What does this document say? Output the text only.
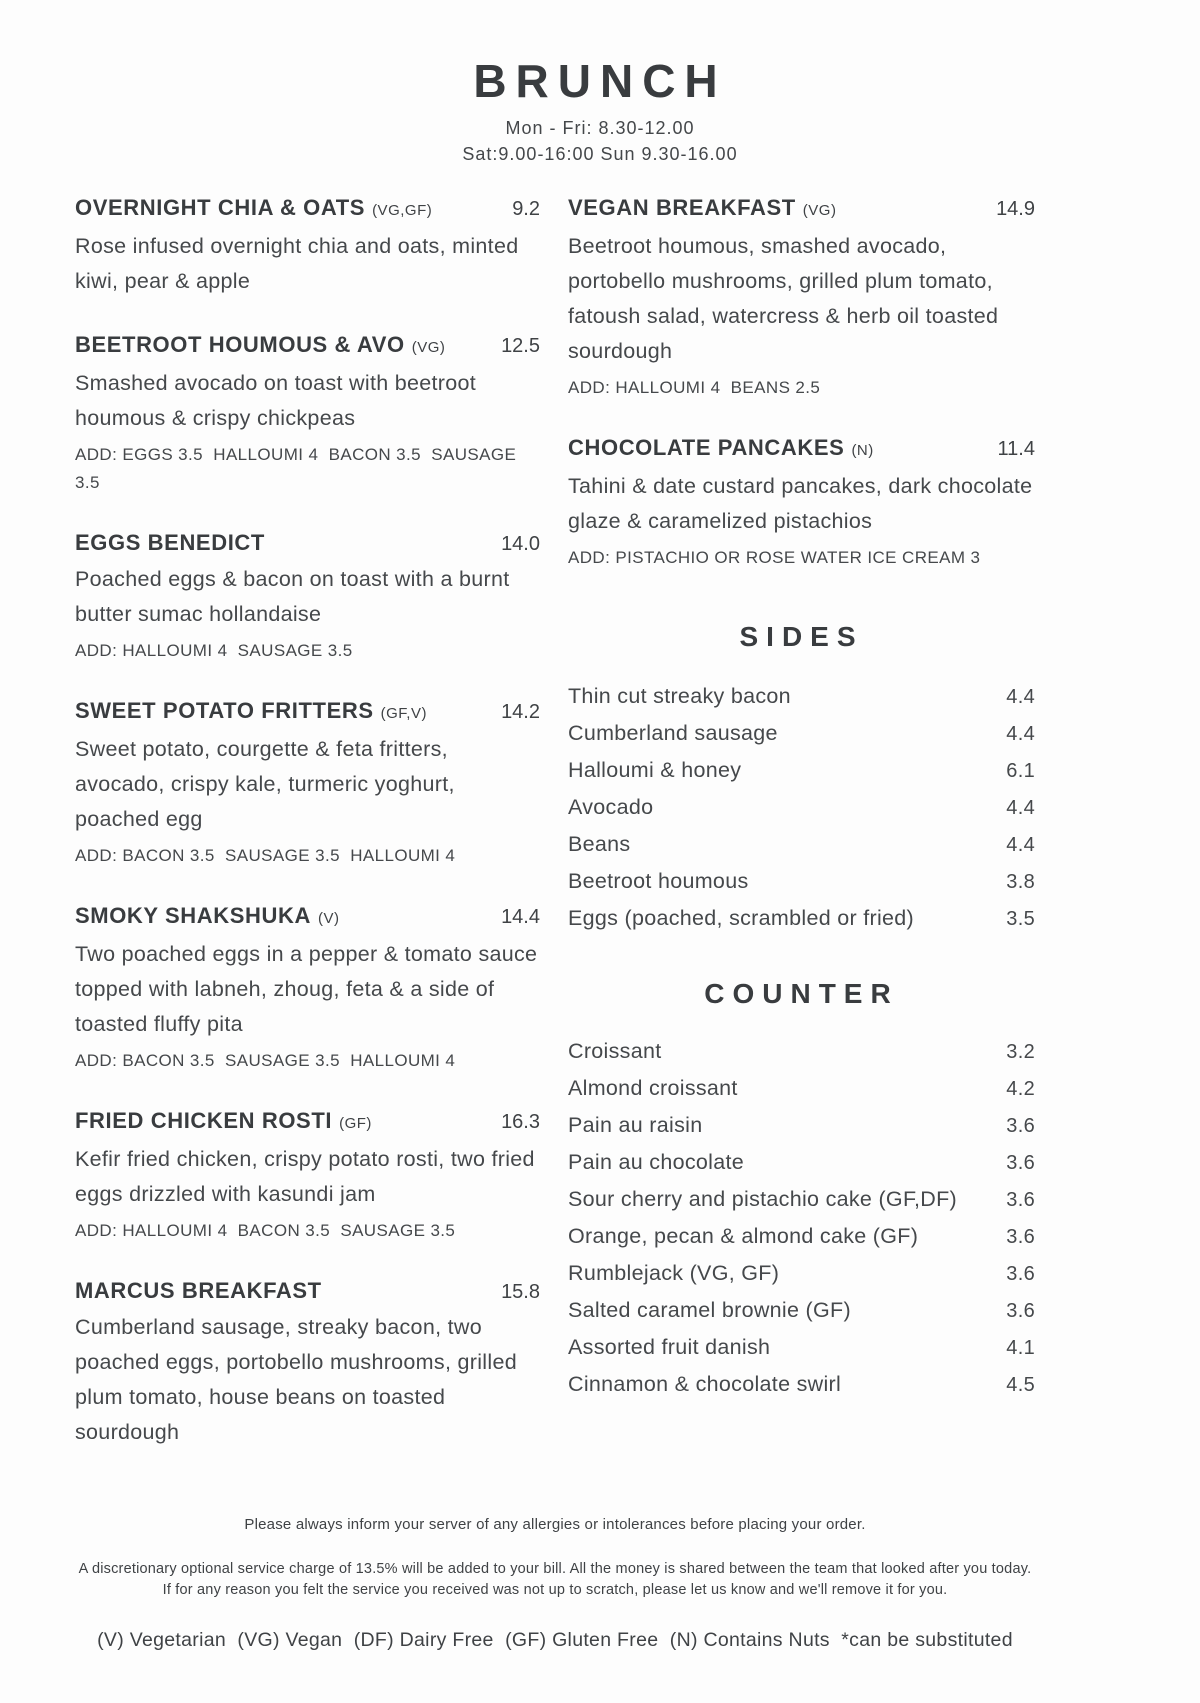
BRUNCH
Mon - Fri: 8.30-12.00
Sat:9.00-16:00 Sun 9.30-16.00
OVERNIGHT CHIA & OATS (VG,GF)	9.2
Rose infused overnight chia and oats, minted kiwi, pear & apple
BEETROOT HOUMOUS & AVO (VG)	12.5
Smashed avocado on toast with beetroot houmous & crispy chickpeas
ADD: EGGS 3.5  HALLOUMI 4  BACON 3.5  SAUSAGE 3.5
EGGS BENEDICT	14.0
Poached eggs & bacon on toast with a burnt butter sumac hollandaise
ADD: HALLOUMI 4  SAUSAGE 3.5
SWEET POTATO FRITTERS (GF,V)	14.2
Sweet potato, courgette & feta fritters, avocado, crispy kale, turmeric yoghurt, poached egg
ADD: BACON 3.5  SAUSAGE 3.5  HALLOUMI 4
SMOKY SHAKSHUKA (V)	14.4
Two poached eggs in a pepper & tomato sauce topped with labneh, zhoug, feta & a side of toasted fluffy pita
ADD: BACON 3.5  SAUSAGE 3.5  HALLOUMI 4
FRIED CHICKEN ROSTI (GF)	16.3
Kefir fried chicken, crispy potato rosti, two fried eggs drizzled with kasundi jam
ADD: HALLOUMI 4  BACON 3.5  SAUSAGE 3.5
MARCUS BREAKFAST	15.8
Cumberland sausage, streaky bacon, two poached eggs, portobello mushrooms, grilled plum tomato, house beans on toasted sourdough
VEGAN BREAKFAST (VG)	14.9
Beetroot houmous, smashed avocado, portobello mushrooms, grilled plum tomato, fatoush salad, watercress & herb oil toasted sourdough
ADD: HALLOUMI 4  BEANS 2.5
CHOCOLATE PANCAKES (N)	11.4
Tahini & date custard pancakes, dark chocolate glaze & caramelized pistachios
ADD: PISTACHIO OR ROSE WATER ICE CREAM 3
SIDES
Thin cut streaky bacon	4.4
Cumberland sausage	4.4
Halloumi & honey	6.1
Avocado	4.4
Beans	4.4
Beetroot houmous	3.8
Eggs (poached, scrambled or fried)	3.5
COUNTER
Croissant	3.2
Almond croissant	4.2
Pain au raisin	3.6
Pain au chocolate	3.6
Sour cherry and pistachio cake (GF,DF) 3.6
Orange, pecan & almond cake (GF)	3.6
Rumblejack (VG, GF)	3.6
Salted caramel brownie (GF)	3.6
Assorted fruit danish	4.1
Cinnamon & chocolate swirl	4.5
Please always inform your server of any allergies or intolerances before placing your order.
A discretionary optional service charge of 13.5% will be added to your bill. All the money is shared between the team that looked after you today. If for any reason you felt the service you received was not up to scratch, please let us know and we'll remove it for you.
(V) Vegetarian  (VG) Vegan  (DF) Dairy Free  (GF) Gluten Free  (N) Contains Nuts  *can be substituted
